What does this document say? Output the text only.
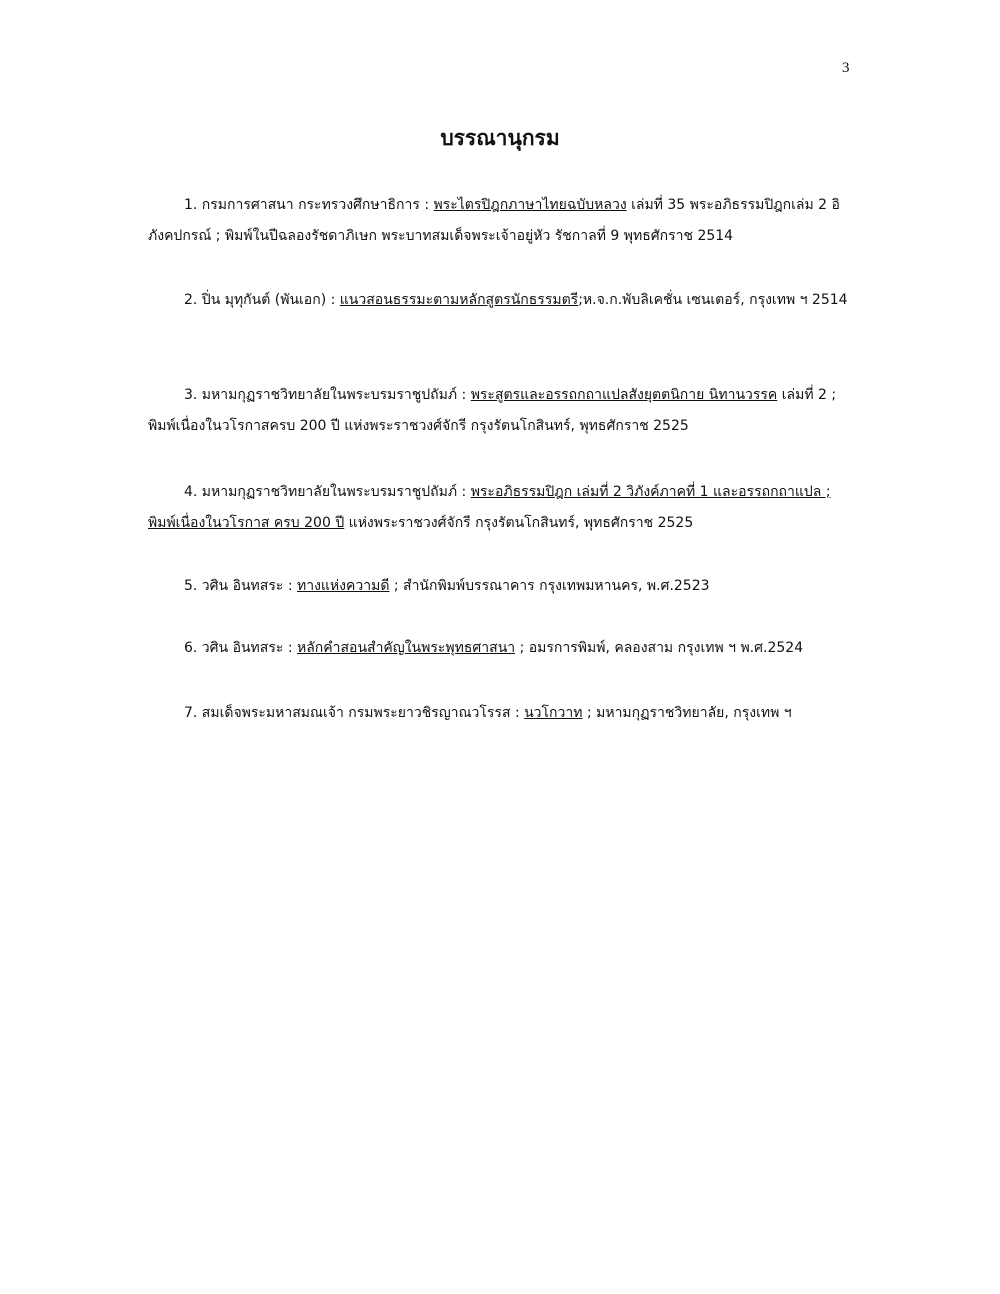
3
บรรณานุกรม
1. กรมการศาสนา กระทรวงศึกษาธิการ : พระไตรปิฎกภาษาไทยฉบับหลวง เล่มที่ 35 พระอภิธรรมปิฎกเล่ม 2 อิภังคปกรณ์ ; พิมพ์ในปีฉลองรัชดาภิเษก พระบาทสมเด็จพระเจ้าอยู่หัว รัชกาลที่ 9 พุทธศักราช 2514
2. ปิ่น มุทุกันต์ (พันเอก) : แนวสอนธรรมะตามหลักสูตรนักธรรมตรี;ห.จ.ก.พับลิเคชั่น เซนเตอร์, กรุงเทพ ฯ 2514
3. มหามกุฏราชวิทยาลัยในพระบรมราชูปถัมภ์ : พระสูตรและอรรถกถาแปลสังยุตตนิกาย นิทานวรรค เล่มที่ 2 ; พิมพ์เนื่องในวโรกาสครบ 200 ปี แห่งพระราชวงศ์จักรี กรุงรัตนโกสินทร์, พุทธศักราช 2525
4. มหามกุฏราชวิทยาลัยในพระบรมราชูปถัมภ์ : พระอภิธรรมปิฎก เล่มที่ 2 วิภังค์ภาคที่ 1 และอรรถกถาแปล ; พิมพ์เนื่องในวโรกาส ครบ 200 ปี แห่งพระราชวงศ์จักรี กรุงรัตนโกสินทร์, พุทธศักราช 2525
5. วศิน อินทสระ : ทางแห่งความดี ; สำนักพิมพ์บรรณาคาร กรุงเทพมหานคร, พ.ศ.2523
6. วศิน อินทสระ : หลักคำสอนสำคัญในพระพุทธศาสนา ; อมรการพิมพ์, คลองสาม กรุงเทพ ฯ พ.ศ.2524
7. สมเด็จพระมหาสมณเจ้า กรมพระยาวชิรญาณวโรรส : นวโกวาท ; มหามกุฏราชวิทยาลัย, กรุงเทพ ฯ
